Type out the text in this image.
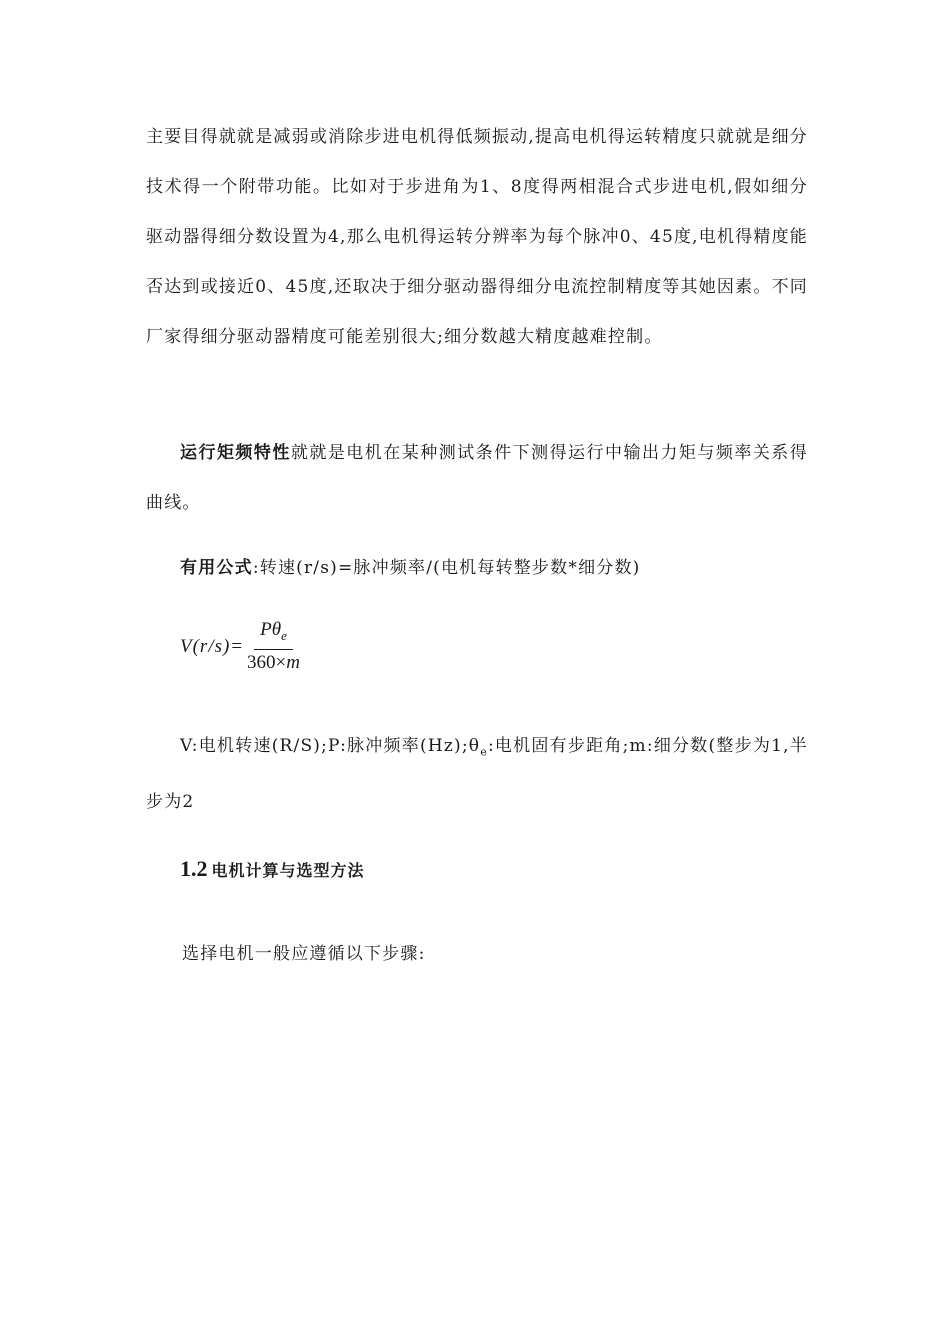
主要目得就就是减弱或消除步进电机得低频振动,提高电机得运转精度只就就是细分技术得一个附带功能。比如对于步进角为1、8度得两相混合式步进电机,假如细分驱动器得细分数设置为4,那么电机得运转分辨率为每个脉冲0、45度,电机得精度能否达到或接近0、45度,还取决于细分驱动器得细分电流控制精度等其她因素。不同厂家得细分驱动器精度可能差别很大;细分数越大精度越难控制。

运行矩频特性就就是电机在某种测试条件下测得运行中输出力矩与频率关系得曲线。

有用公式:转速(r/s)=脉冲频率/(电机每转整步数*细分数)

$V(r/s) = \frac{P\theta_e}{360\times m}$

V:电机转速(R/S);P:脉冲频率$(Hz);\theta_e$:电机固有步距角;m:细分数(整步为1,半步为2

1.2 电机计算与选型方法

选择电机一般应遵循以下步骤:
